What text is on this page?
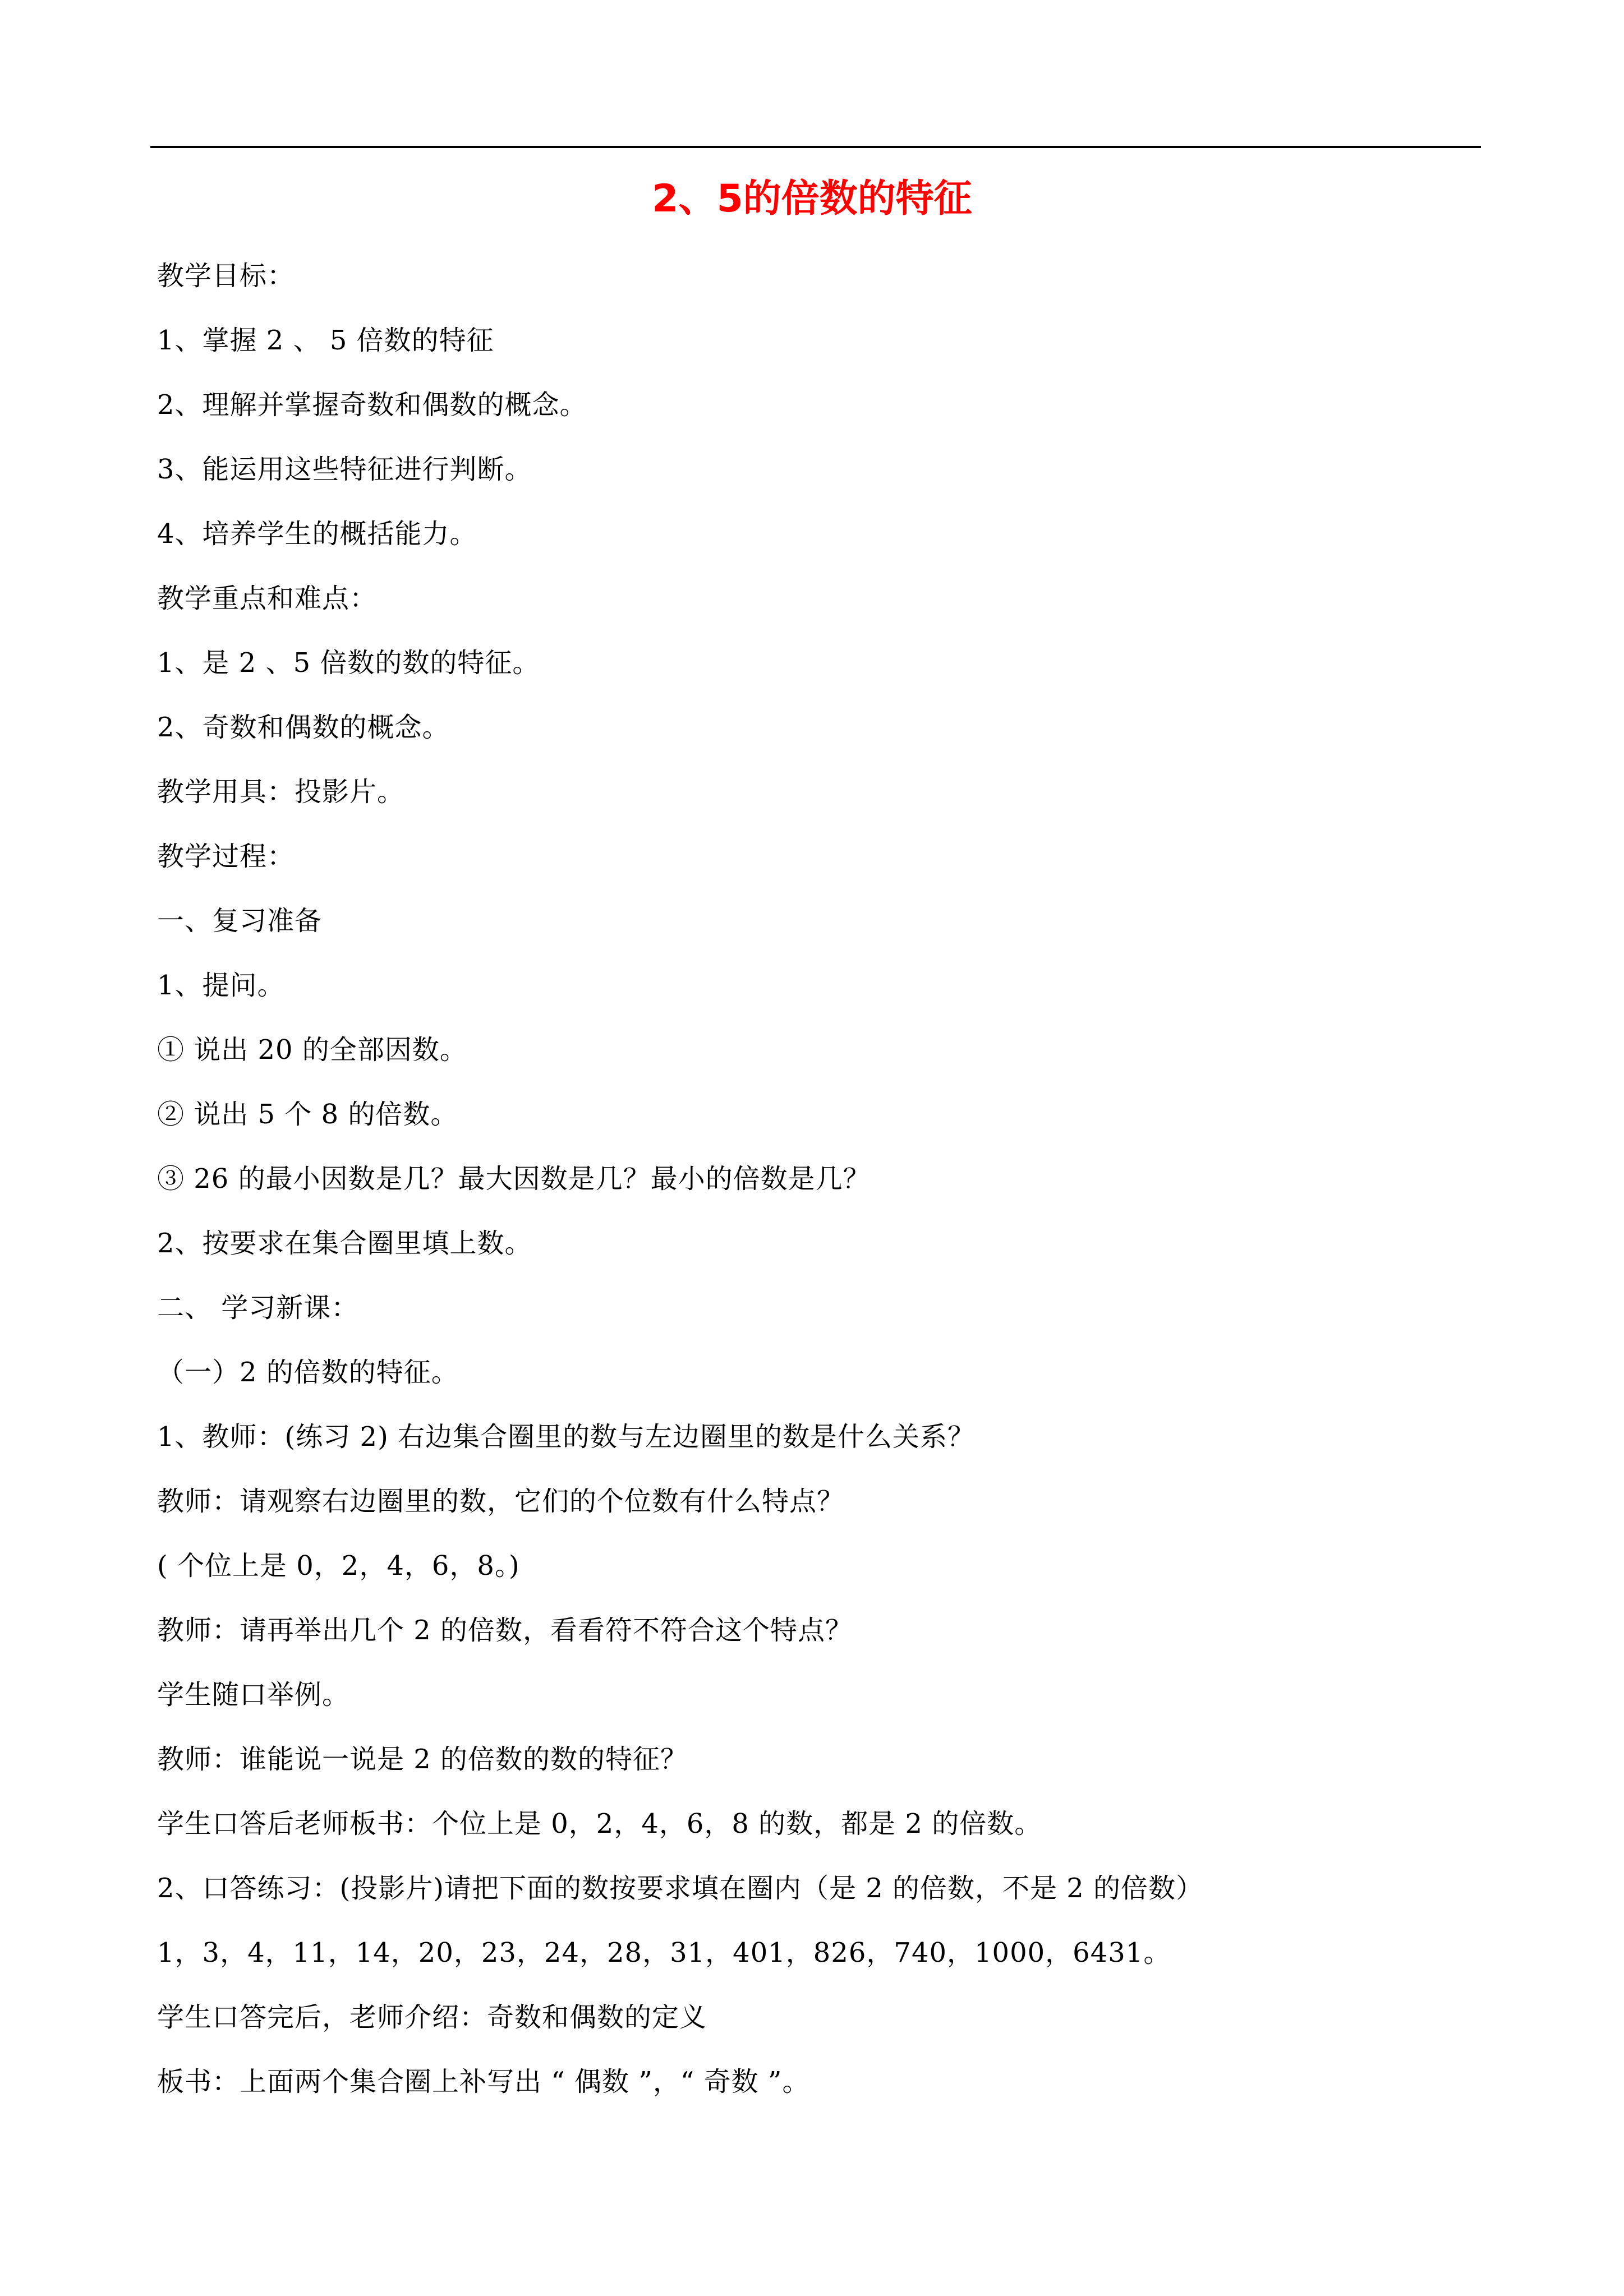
2、5的倍数的特征
教学目标：
1、掌握 2 、 5 倍数的特征
2、理解并掌握奇数和偶数的概念。
3、能运用这些特征进行判断。
4、培养学生的概括能力。
教学重点和难点：
1、是 2 、5 倍数的数的特征。
2、奇数和偶数的概念。
教学用具：投影片。
教学过程：
一、复习准备
1、提问。
① 说出 20 的全部因数。
② 说出 5 个 8 的倍数。
③ 26 的最小因数是几？最大因数是几？最小的倍数是几？
2、按要求在集合圈里填上数。
二、 学习新课：
（一）2 的倍数的特征。
1、教师：(练习 2) 右边集合圈里的数与左边圈里的数是什么关系？
教师：请观察右边圈里的数，它们的个位数有什么特点？
( 个位上是 0，2，4，6，8。)
教师：请再举出几个 2 的倍数，看看符不符合这个特点？
学生随口举例。
教师：谁能说一说是 2 的倍数的数的特征？
学生口答后老师板书：个位上是 0，2，4，6，8 的数，都是 2 的倍数。
2、口答练习：(投影片)请把下面的数按要求填在圈内（是 2 的倍数，不是 2 的倍数）
1，3，4，11，14，20，23，24，28，31，401，826，740，1000，6431。
学生口答完后，老师介绍：奇数和偶数的定义
板书：上面两个集合圈上补写出 “ 偶数 ”，“ 奇数 ”。
